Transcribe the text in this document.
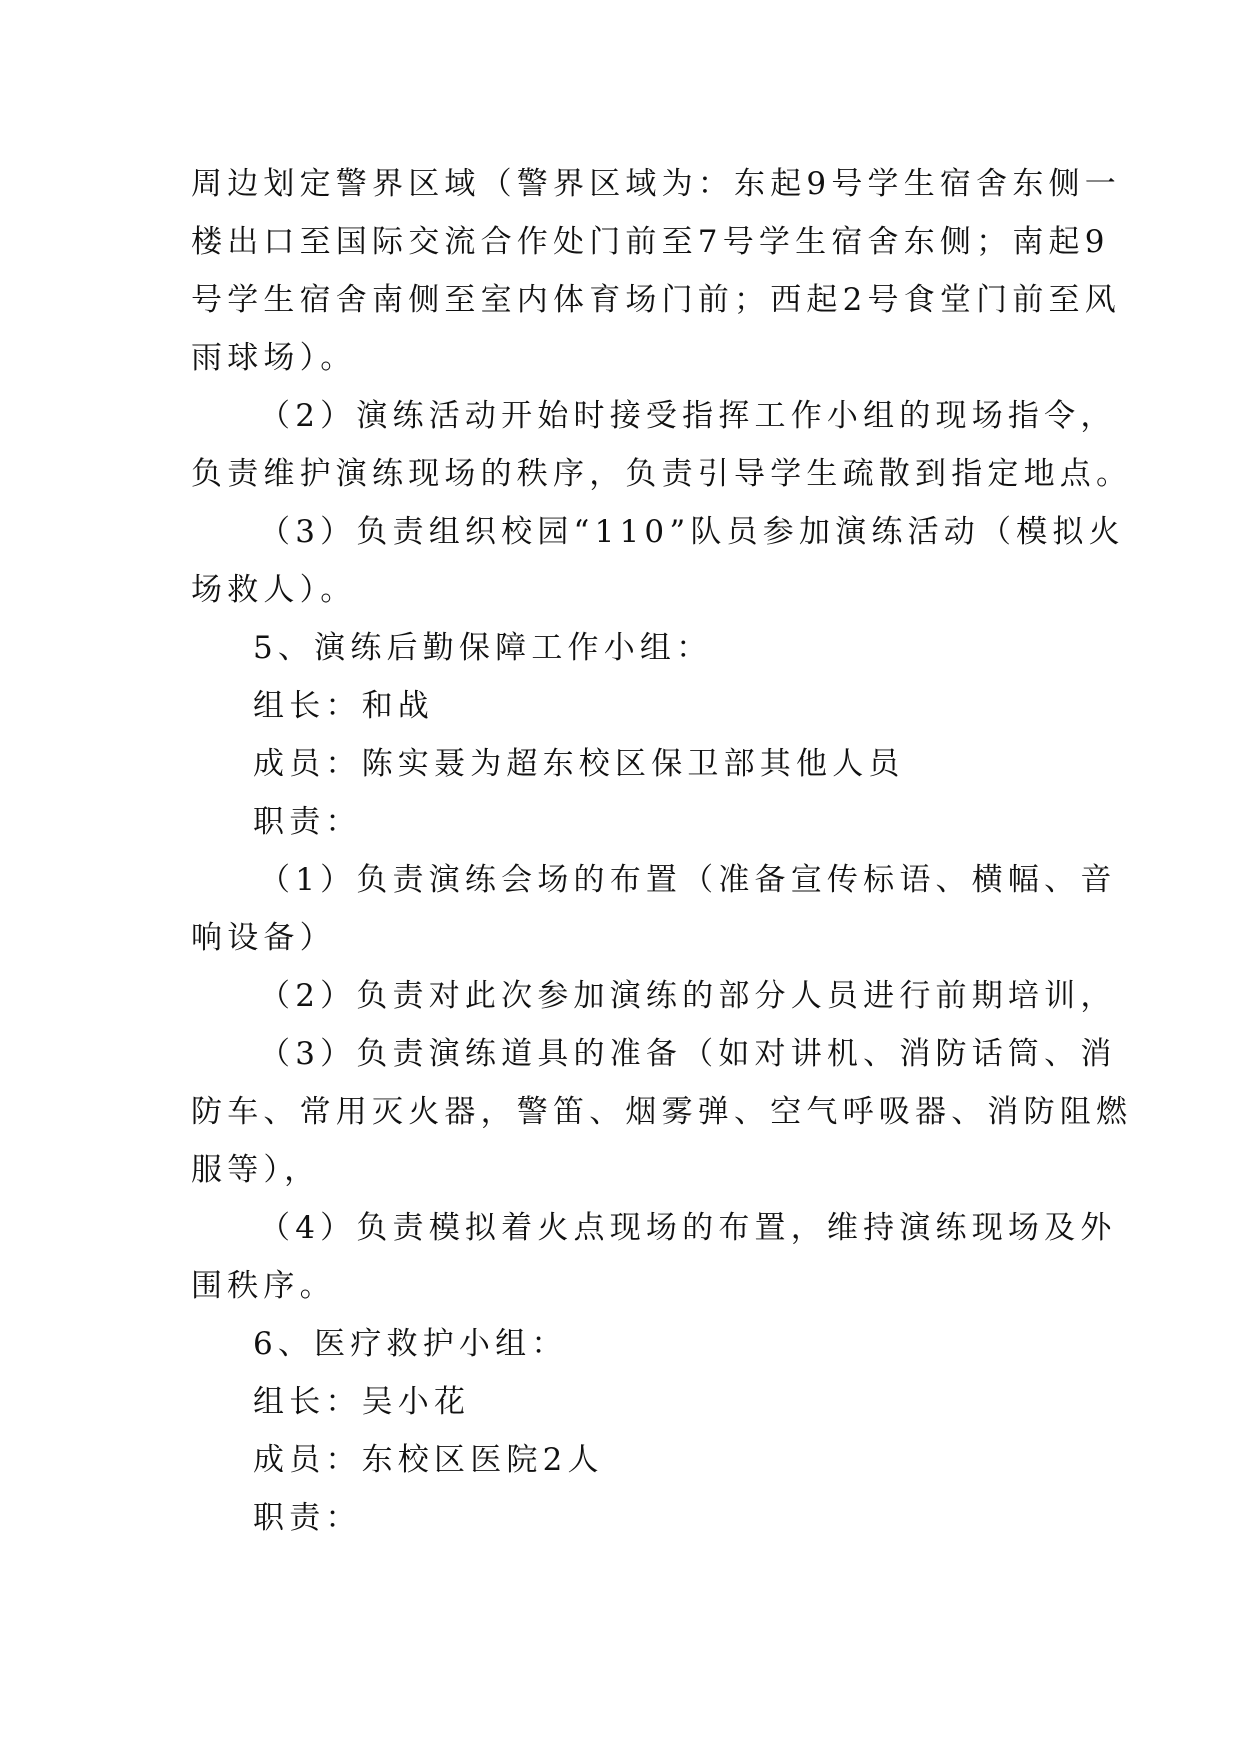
周边划定警界区域（警界区域为：东起9号学生宿舍东侧一
楼出口至国际交流合作处门前至7号学生宿舍东侧；南起9
号学生宿舍南侧至室内体育场门前；西起2号食堂门前至风
雨球场）。
（2）演练活动开始时接受指挥工作小组的现场指令，
负责维护演练现场的秩序，负责引导学生疏散到指定地点。
（3）负责组织校园“110”队员参加演练活动（模拟火
场救人）。
5、演练后勤保障工作小组：
组长：和战
成员：陈实聂为超东校区保卫部其他人员
职责：
（1）负责演练会场的布置（准备宣传标语、横幅、音
响设备）
（2）负责对此次参加演练的部分人员进行前期培训，
（3）负责演练道具的准备（如对讲机、消防话筒、消
防车、常用灭火器，警笛、烟雾弹、空气呼吸器、消防阻燃
服等），
（4）负责模拟着火点现场的布置，维持演练现场及外
围秩序。
6、医疗救护小组：
组长：吴小花
成员：东校区医院2人
职责：
